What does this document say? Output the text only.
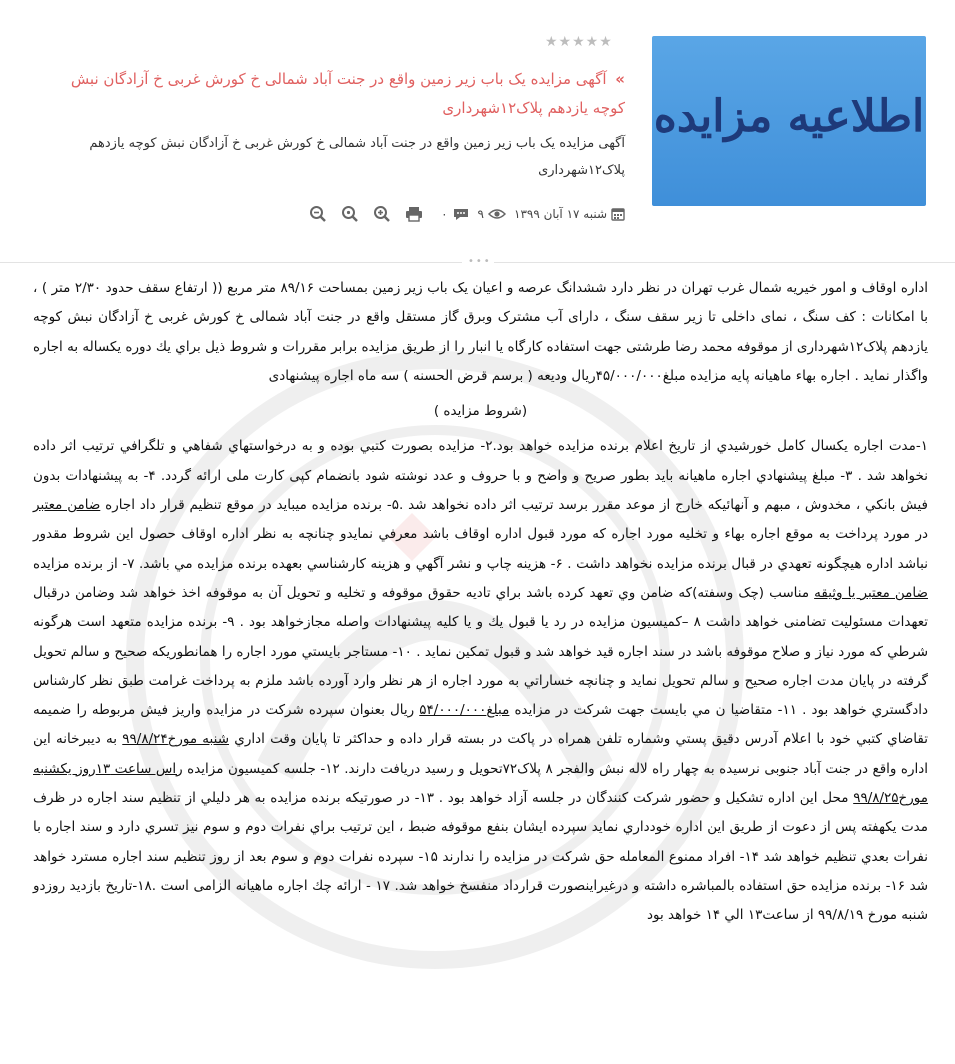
اطلاعیه مزایده
★★★★★
» آگهی مزایده یک باب زیر زمین واقع در جنت آباد شمالی خ کورش غربی خ آزادگان نبش کوچه یازدهم پلاک۱۲شهرداری
آگهی مزایده یک باب زیر زمین واقع در جنت آباد شمالی خ کورش غربی خ آزادگان نبش کوچه یازدهم پلاک۱۲شهرداری
شنبه ۱۷ آبان ۱۳۹۹
۹
۰
•••

اداره اوقاف و امور خيريه شمال غرب تهران در نظر دارد ششدانگ عرصه و اعيان يک باب زير زمين بمساحت ۸۹/۱۶ متر مربع (( ارتفاع سقف حدود ۲/۳۰ متر ) ، با امکانات : کف سنگ ، نمای داخلی تا زير سقف سنگ ، دارای آب مشترک وبرق گاز مستقل واقع در جنت آباد شمالی خ کورش غربی خ آزادگان نبش کوچه يازدهم پلاک۱۲شهرداری از موقوفه محمد رضا طرشتی جهت استفاده کارگاه يا انبار را از طريق مزايده برابر مقررات و شروط ذيل براي يك دوره يكساله به اجاره واگذار نمايد . اجاره بهاء ماهيانه پايه مزايده مبلغ۴۵/۰۰۰/۰۰۰ريال وديعه ( برسم قرض الحسنه ) سه ماه اجاره پيشنهادی

(شروط مزایده )

۱-مدت اجاره يكسال كامل خورشيدي از تاريخ اعلام برنده مزايده خواهد بود.۲- مزايده بصورت كتبي بوده و به درخواستهاي شفاهي و تلگرافي ترتيب اثر داده نخواهد شد . ۳- مبلغ پيشنهادي اجاره ماهيانه بايد بطور صريح و واضح و با حروف و عدد نوشته شود بانضمام کپی کارت ملی ارائه گردد. ۴- به پيشنهادات بدون فيش بانكي ، مخدوش ، مبهم و آنهائيكه خارج از موعد مقرر برسد ترتيب اثر داده نخواهد شد .۵- برنده مزايده ميبايد در موقع تنظيم قرار داد اجاره ضامن معتبر در مورد پرداخت به موقع اجاره بهاء و تخليه مورد اجاره كه مورد قبول اداره اوقاف باشد معرفي نمايدو چنانچه به نظر اداره اوقاف حصول اين شروط مقدور نباشد اداره هيچگونه تعهدي در قبال برنده مزايده نخواهد داشت . ۶- هزينه چاپ و نشر آگهي و هزينه كارشناسي بعهده برنده مزايده مي باشد. ۷- از برنده مزايده ضامن معتبر يا وثيقه مناسب (چک وسفته)كه ضامن وي تعهد كرده باشد براي تاديه حقوق موقوفه و تخليه و تحويل آن به موقوفه اخذ خواهد شد وضامن درقبال تعهدات مسئوليت تضامنی خواهد داشت ۸ –كميسيون مزايده در رد يا قبول يك و يا كليه پيشنهادات واصله مجازخواهد بود . ۹- برنده مزايده متعهد است هرگونه شرطي كه مورد نياز و صلاح موقوفه باشد در سند اجاره قيد خواهد شد و قبول تمكين نمايد . ۱۰- مستاجر بايستي مورد اجاره را همانطوريكه صحيح و سالم تحويل گرفته در پايان مدت اجاره صحيح و سالم تحويل نمايد و چنانچه خساراتي به مورد اجاره از هر نظر وارد آورده باشد ملزم به پرداخت غرامت طبق نظر كارشناس دادگستري خواهد بود . ۱۱- متقاضيا ن مي بايست جهت شركت در مزايده مبلغ۵۴/۰۰۰/۰۰۰ ريال بعنوان سپرده شركت در مزايده واريز فيش مربوطه را ضميمه تقاضاي كتبي خود با اعلام آدرس دقيق پستي وشماره تلفن همراه در پاكت در بسته قرار داده و حداكثر تا پايان وقت اداري شنبه مورخ۹۹/۸/۲۴ به ديبرخانه اين اداره واقع در جنت آباد جنوبی نرسيده به چهار راه لاله نبش والفجر ۸ پلاک۷۲تحويل و رسيد دريافت دارند. ۱۲- جلسه كميسيون مزايده راس ساعت ۱۳روز يكشنبه مورخ۹۹/۸/۲۵ محل اين اداره تشكيل و حضور شركت كنندگان در جلسه آزاد خواهد بود . ۱۳- در صورتيكه برنده مزايده به هر دليلي از تنظيم سند اجاره در ظرف مدت يكهفته پس از دعوت از طريق اين اداره خودداري نمايد سپرده ايشان بنفع موقوفه ضبط ، اين ترتيب براي نفرات دوم و سوم نيز تسري دارد و سند اجاره با نفرات بعدي تنظيم خواهد شد ۱۴- افراد ممنوع المعامله حق شركت در مزايده را ندارند ۱۵- سپرده نفرات دوم و سوم بعد از روز تنظيم سند اجاره مسترد خواهد شد ۱۶- برنده مزايده حق استفاده بالمباشره داشته و درغيراينصورت قرارداد منفسخ خواهد شد. ۱۷ - ارائه چك اجاره ماهيانه الزامی است .۱۸-تاريخ بازديد روزدو شنبه مورخ ۹۹/۸/۱۹ از ساعت۱۳ الي ۱۴ خواهد بود
